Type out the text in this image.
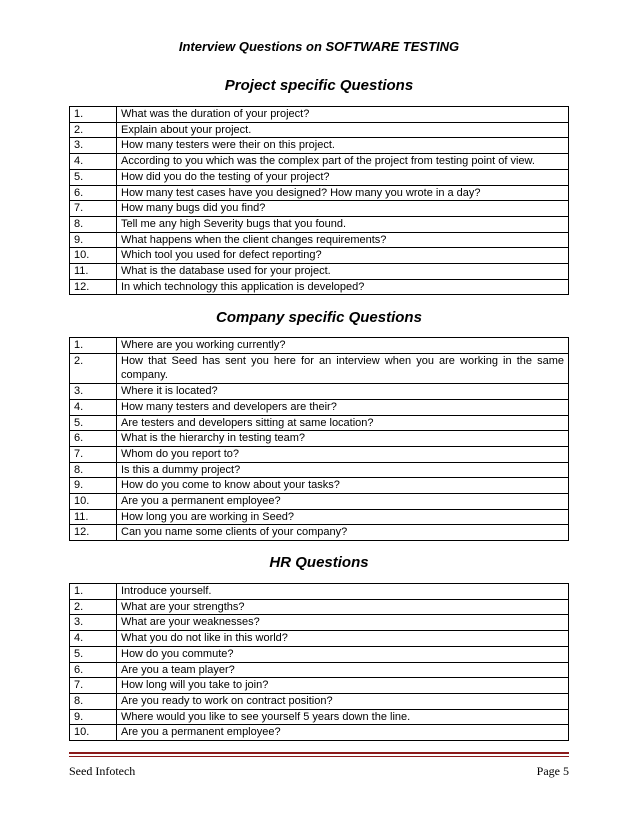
Interview Questions on SOFTWARE TESTING
Project specific Questions
1.	What was the duration of your project?
2.	Explain about your project.
3.	How many testers were their on this project.
4.	According to you which was the complex part of the project from testing point of view.
5.	How did you do the testing of your project?
6.	How many test cases have you designed? How many you wrote in a day?
7.	How many bugs did you find?
8.	Tell me any high Severity bugs that you found.
9.	What happens when the client changes requirements?
10.	Which tool you used for defect reporting?
11.	What is the database used for your project.
12.	In which technology this application is developed?
Company specific Questions
1.	Where are you working currently?
2.	How that Seed has sent you here for an interview when you are working in the same company.
3.	Where it is located?
4.	How many testers and developers are their?
5.	Are testers and developers sitting at same location?
6.	What is the hierarchy in testing team?
7.	Whom do you report to?
8.	Is this a dummy project?
9.	How do you come to know about your tasks?
10.	Are you a permanent employee?
11.	How long you are working in Seed?
12.	Can you name some clients of your company?
HR Questions
1.	Introduce yourself.
2.	What are your strengths?
3.	What are your weaknesses?
4.	What you do not like in this world?
5.	How do you commute?
6.	Are you a team player?
7.	How long will you take to join?
8.	Are you ready to work on contract position?
9.	Where would you like to see yourself 5 years down the line.
10.	Are you a permanent employee?
Seed Infotech	Page 5
